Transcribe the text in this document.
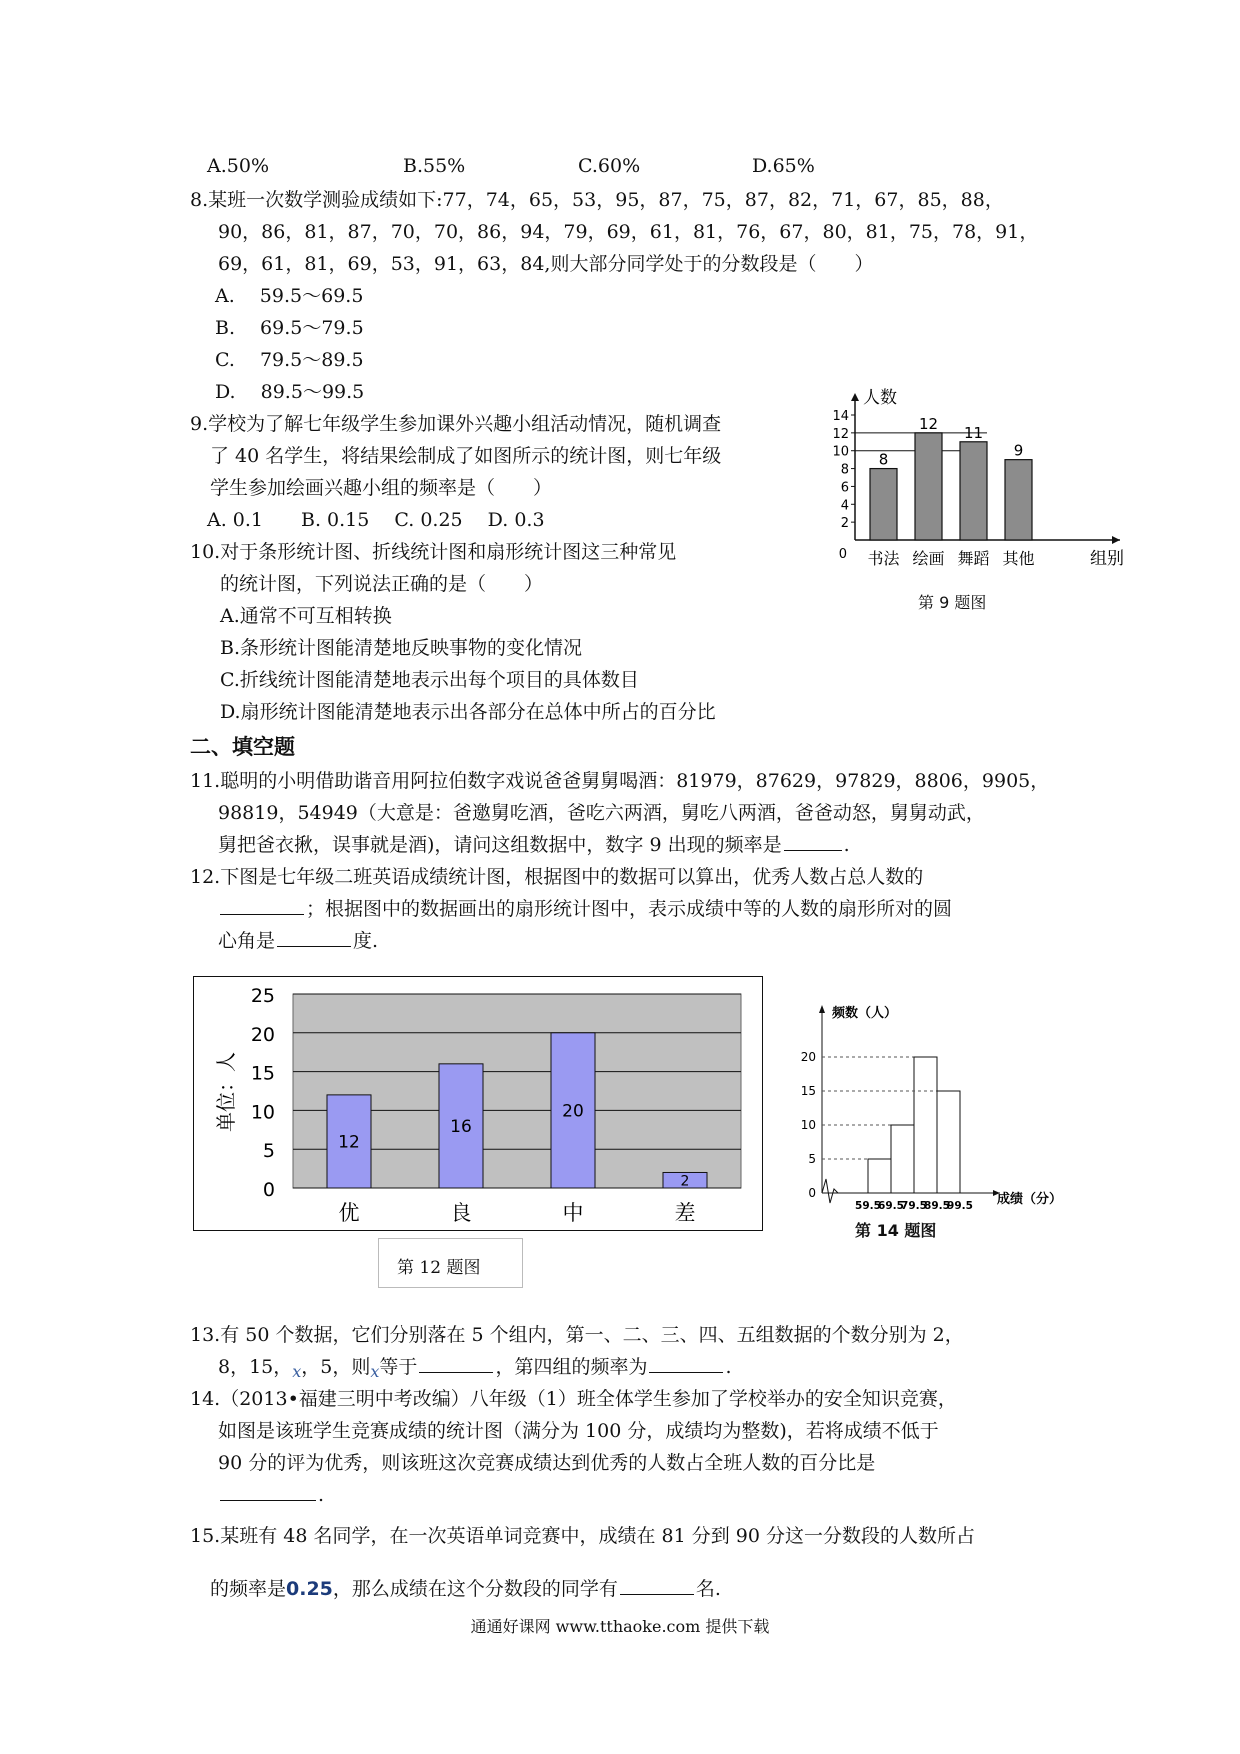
A.50%	B.55%	C.60%	D.65%
8.某班一次数学测验成绩如下:77，74，65，53，95，87，75，87，82，71，67，85，88，
90，86，81，87，70，70，86，94，79，69，61，81，76，67，80，81，75，78，91，
69，61，81，69，53，91，63，84,则大部分同学处于的分数段是（　　）
A.　 59.5～69.5
B.　 69.5～79.5
C.　 79.5～89.5
D.　 89.5～99.5
9.学校为了解七年级学生参加课外兴趣小组活动情况，随机调查
了 40 名学生，将结果绘制成了如图所示的统计图，则七年级
学生参加绘画兴趣小组的频率是（　　）
A. 0.1　　B. 0.15　 C. 0.25　 D. 0.3
10.对于条形统计图、折线统计图和扇形统计图这三种常见
的统计图，下列说法正确的是（　　）
A.通常不可互相转换
B.条形统计图能清楚地反映事物的变化情况
C.折线统计图能清楚地表示出每个项目的具体数目
D.扇形统计图能清楚地表示出各部分在总体中所占的百分比
人数
组别
0
2
4
6
8
10
12
14
8
书法
12
绘画
11
舞蹈
9
其他
第 9 题图
二、填空题
11.聪明的小明借助谐音用阿拉伯数字戏说爸爸舅舅喝酒：81979，87629，97829，8806，9905，
98819，54949（大意是：爸邀舅吃酒，爸吃六两酒，舅吃八两酒，爸爸动怒，舅舅动武，
舅把爸衣揪，误事就是酒)，请问这组数据中，数字 9 出现的频率是	.
12.下图是七年级二班英语成绩统计图，根据图中的数据可以算出，优秀人数占总人数的
；根据图中的数据画出的扇形统计图中，表示成绩中等的人数的扇形所对的圆
心角是	度.
0
5
10
15
20
25
单位：人
12
优
16
良
20
中
2
差
第 12 题图
频数（人）
成绩（分）
0
5
10
15
20
59.5
69.5
79.5
89.5
99.5
第 14 题图
13.有 50 个数据，它们分别落在 5 个组内，第一、二、三、四、五组数据的个数分别为 2，
8，15，$_x$，5，则$_x$等于	，第四组的频率为	.
14.（2013•福建三明中考改编）八年级（1）班全体学生参加了学校举办的安全知识竞赛，
如图是该班学生竞赛成绩的统计图（满分为 100 分，成绩均为整数)，若将成绩不低于
90 分的评为优秀，则该班这次竞赛成绩达到优秀的人数占全班人数的百分比是
.
15.某班有 48 名同学，在一次英语单词竞赛中，成绩在 81 分到 90 分这一分数段的人数所占
的频率是0.25，那么成绩在这个分数段的同学有	名.
通通好课网 www.tthaoke.com 提供下载
